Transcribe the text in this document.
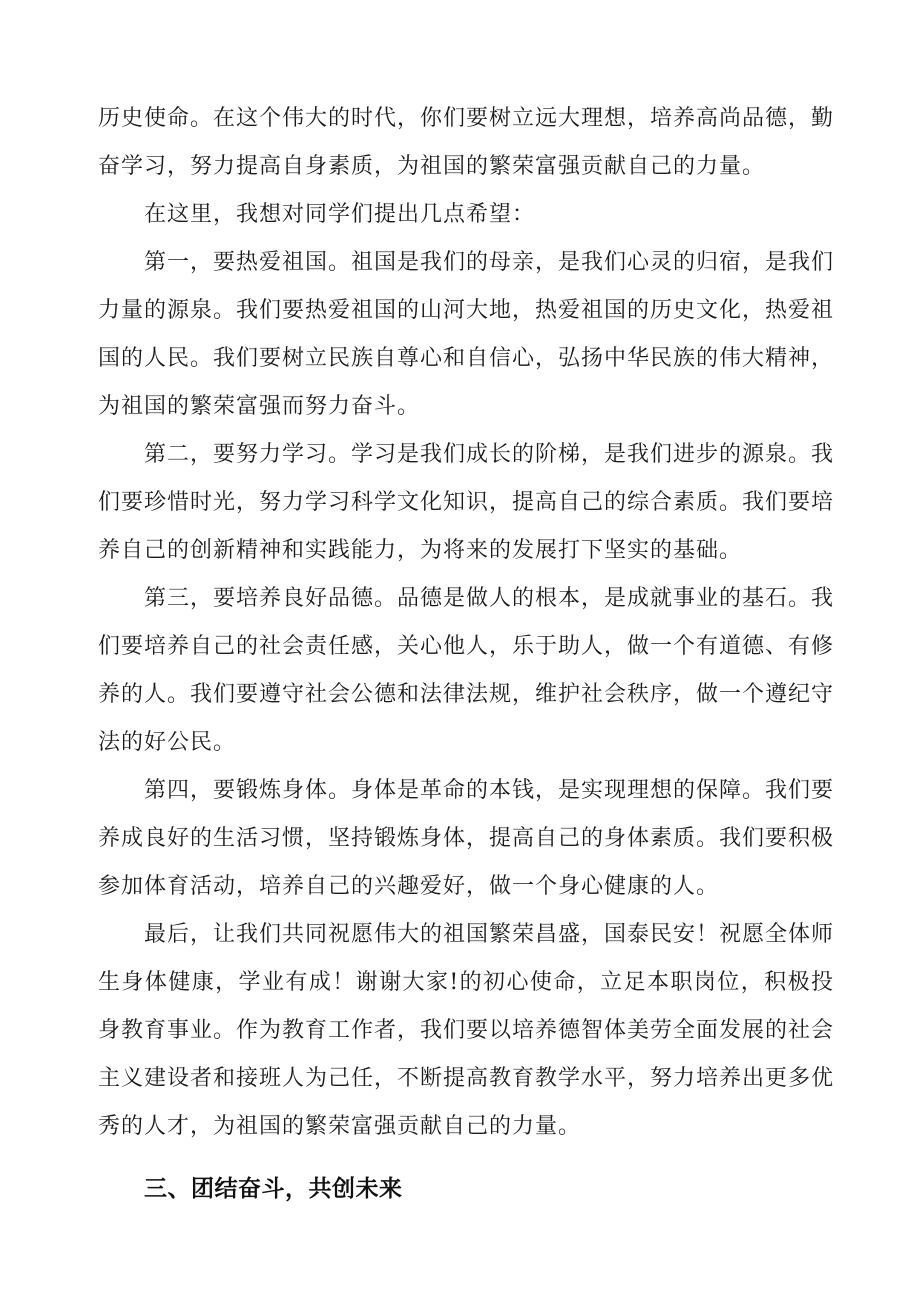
历史使命。在这个伟大的时代，你们要树立远大理想，培养高尚品德，勤奋学习，努力提高自身素质，为祖国的繁荣富强贡献自己的力量。

在这里，我想对同学们提出几点希望：

第一，要热爱祖国。祖国是我们的母亲，是我们心灵的归宿，是我们力量的源泉。我们要热爱祖国的山河大地，热爱祖国的历史文化，热爱祖国的人民。我们要树立民族自尊心和自信心，弘扬中华民族的伟大精神，为祖国的繁荣富强而努力奋斗。

第二，要努力学习。学习是我们成长的阶梯，是我们进步的源泉。我们要珍惜时光，努力学习科学文化知识，提高自己的综合素质。我们要培养自己的创新精神和实践能力，为将来的发展打下坚实的基础。

第三，要培养良好品德。品德是做人的根本，是成就事业的基石。我们要培养自己的社会责任感，关心他人，乐于助人，做一个有道德、有修养的人。我们要遵守社会公德和法律法规，维护社会秩序，做一个遵纪守法的好公民。

第四，要锻炼身体。身体是革命的本钱，是实现理想的保障。我们要养成良好的生活习惯，坚持锻炼身体，提高自己的身体素质。我们要积极参加体育活动，培养自己的兴趣爱好，做一个身心健康的人。

最后，让我们共同祝愿伟大的祖国繁荣昌盛，国泰民安！祝愿全体师生身体健康，学业有成！谢谢大家!的初心使命，立足本职岗位，积极投身教育事业。作为教育工作者，我们要以培养德智体美劳全面发展的社会主义建设者和接班人为己任，不断提高教育教学水平，努力培养出更多优秀的人才，为祖国的繁荣富强贡献自己的力量。

三、团结奋斗，共创未来
